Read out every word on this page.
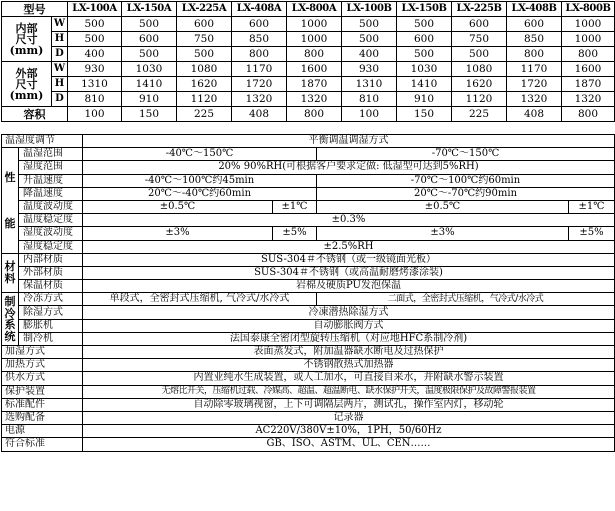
型号		LX-100A	LX-150A	LX-225A	LX-408A	LX-800A	LX-100B	LX-150B	LX-225B	LX-408B	LX-800B
内部
尺寸
(mm)	W	500	500	600	600	1000	500	500	600	600	1000
	H	500	600	750	850	1000	500	600	750	850	1000
	D	400	500	500	800	800	400	500	500	800	800
外部
尺寸
(mm)	W	930	1030	1080	1170	1600	930	1030	1080	1170	1600
	H	1310	1410	1620	1720	1870	1310	1410	1620	1720	1870
	D	810	910	1120	1320	1320	810	910	1120	1320	1320
容积		100	150	225	408	800	100	150	225	408	800
温湿度调节		平衡调温调湿方式			
性

能	温湿范围	-40℃～150℃		-70℃～150℃	
	湿度范围	20% 90%RH(可根据客户要求定做: 低湿型可达到5%RH)			
	升温速度	-40℃～100℃约45min		-70℃～100℃约60min	
	降温速度	20℃～-40℃约60min		20℃～-70℃约90min	
	温度波动度	±0.5℃	±1℃	±0.5℃	±1℃
	温度稳定度	±0.3%			
	湿度波动度	±3%	±5%	±3%	±5%
	湿度稳定度	±2.5%RH			
材
料	内部材质	SUS-304＃不锈钢（或一级镜面光板）			
	外部材质	SUS-304＃不锈钢（或高温耐磨烤漆涂装)			
	保温材质	岩棉及硬质PU发泡保温			
制
冷
系
统	冷冻方式	单段式，全密封式压缩机, 气冷式/水冷式		二面式，全密封式压缩机，气冷式/水冷式	
	除湿方式	冷凍潜热除湿方式			
	膨胀机	自动膨胀阀方式			
	制冷机	法国泰康全密闭型旋转压缩机（对应地HFC系制冷剂)			
加湿方式		表面蒸发式，附加温器缺水断电及过热保护			
加热方式		不锈钢散热式加热器			
供水方式		内置业纯水生成装置，或人工加水，可直接自来水，并附缺水警示装置			
保护装置		无熔比开关，压缩机过载、冷媒高、超温、超温断电、缺水保护开关，温度极限保护及故障警报装置			
标准配件		自动除零玻璃视窗，上下可调隔层两片，测试孔，操作室内灯，移动轮			
选购配备		记录器			
电源		AC220V/380V±10%，1PH，50/60Hz			
符合标准		GB、ISO、ASTM、UL、CEN……			
